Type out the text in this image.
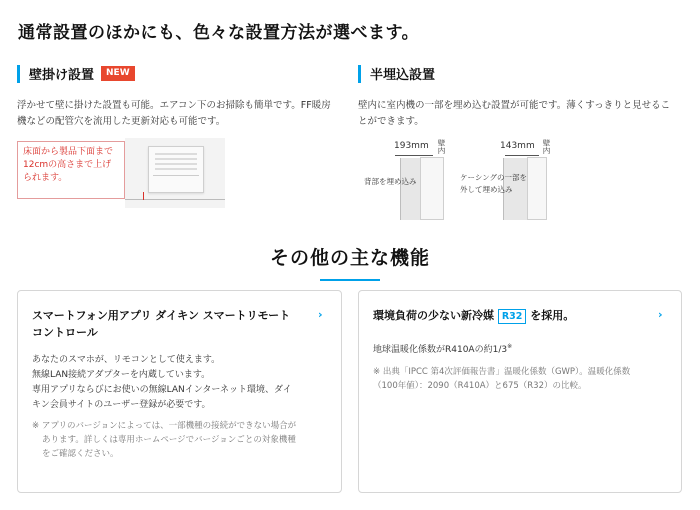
通常設置のほかにも、色々な設置方法が選べます。
壁掛け設置	NEW
浮かせて壁に掛けた設置も可能。エアコン下のお掃除も簡単です。FF暖房
機などの配管穴を流用した更新対応も可能です。
床面から製品下面まで
12cmの高さまで上げ
られます。
半埋込設置
壁内に室内機の一部を埋め込む設置が可能です。薄くすっきりと見せるこ
とができます。
193mm 壁内
背部を埋め込み
143mm 壁内
ケーシングの一部を
外して埋め込み
その他の主な機能
スマートフォン用アプリ ダイキン スマートリモート
コントロール
›
あなたのスマホが、リモコンとして使えます。
無線LAN接続アダプターを内蔵しています。
専用アプリならびにお使いの無線LANインターネット環境、ダイ
キン会員サイトのユーザー登録が必要です。
※ アプリのバージョンによっては、一部機種の接続ができない場合が
あります。詳しくは専用ホームページでバージョンごとの対象機種
をご確認ください。
環境負荷の少ない新冷媒 R32 を採用。	›
地球温暖化係数がR410Aの約1/3※
※ 出典「IPCC 第4次評価報告書」温暖化係数（GWP）。温暖化係数
（100年値）：2090（R410A）と675（R32）の比較。
